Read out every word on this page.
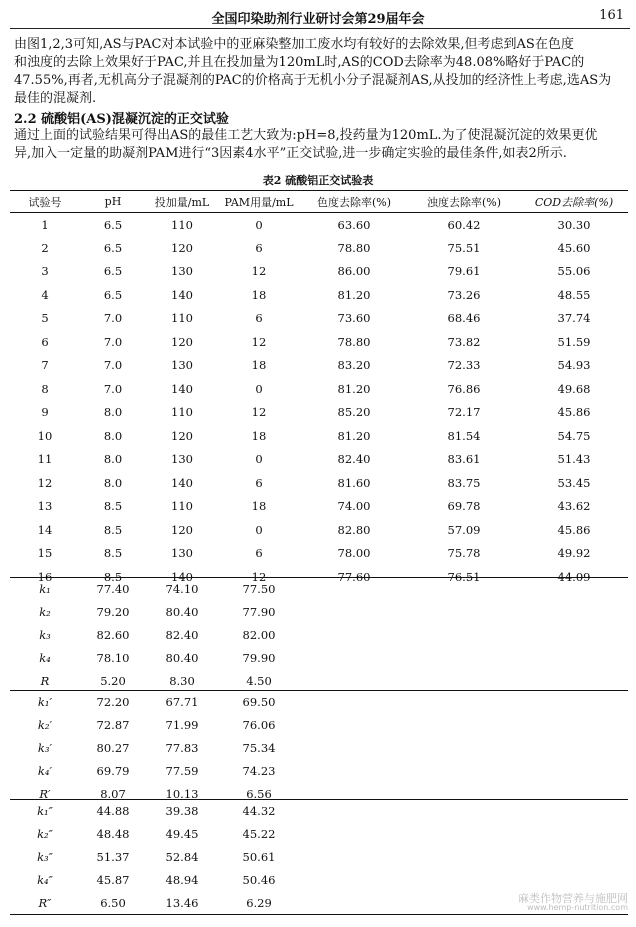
全国印染助剂行业研讨会第29届年会	161
由图1,2,3可知,AS与PAC对本试验中的亚麻染整加工废水均有较好的去除效果,但考虑到AS在色度
和浊度的去除上效果好于PAC,并且在投加量为120mL时,AS的COD去除率为48.08%略好于PAC的
47.55%,再者,无机高分子混凝剂的PAC的价格高于无机小分子混凝剂AS,从投加的经济性上考虑,选AS为
最佳的混凝剂.
2.2 硫酸铝(AS)混凝沉淀的正交试验
通过上面的试验结果可得出AS的最佳工艺大致为:pH=8,投药量为120mL.为了使混凝沉淀的效果更优
异,加入一定量的助凝剂PAM进行“3因素4水平”正交试验,进一步确定实验的最佳条件,如表2所示.
表2 硫酸铝正交试验表
试验号	pH	投加量/mL	PAM用量/mL	色度去除率(%)	浊度去除率(%)	COD去除率(%)
1	6.5	110	0	63.60	60.42	30.30
2	6.5	120	6	78.80	75.51	45.60
3	6.5	130	12	86.00	79.61	55.06
4	6.5	140	18	81.20	73.26	48.55
5	7.0	110	6	73.60	68.46	37.74
6	7.0	120	12	78.80	73.82	51.59
7	7.0	130	18	83.20	72.33	54.93
8	7.0	140	0	81.20	76.86	49.68
9	8.0	110	12	85.20	72.17	45.86
10	8.0	120	18	81.20	81.54	54.75
11	8.0	130	0	82.40	83.61	51.43
12	8.0	140	6	81.60	83.75	53.45
13	8.5	110	18	74.00	69.78	43.62
14	8.5	120	0	82.80	57.09	45.86
15	8.5	130	6	78.00	75.78	49.92
16	8.5	140	12	77.60	76.51	44.09
k₁	77.40	74.10	77.50	
k₂	79.20	80.40	77.90	
k₃	82.60	82.40	82.00	
k₄	78.10	80.40	79.90	
R	5.20	8.30	4.50	
k₁′	72.20	67.71	69.50	
k₂′	72.87	71.99	76.06	
k₃′	80.27	77.83	75.34	
k₄′	69.79	77.59	74.23	
R′	8.07	10.13	6.56	
k₁″	44.88	39.38	44.32	
k₂″	48.48	49.45	45.22	
k₃″	51.37	52.84	50.61	
k₄″	45.87	48.94	50.46	
R″	6.50	13.46	6.29		麻类作物营养与施肥网
www.hemp-nutrition.com
